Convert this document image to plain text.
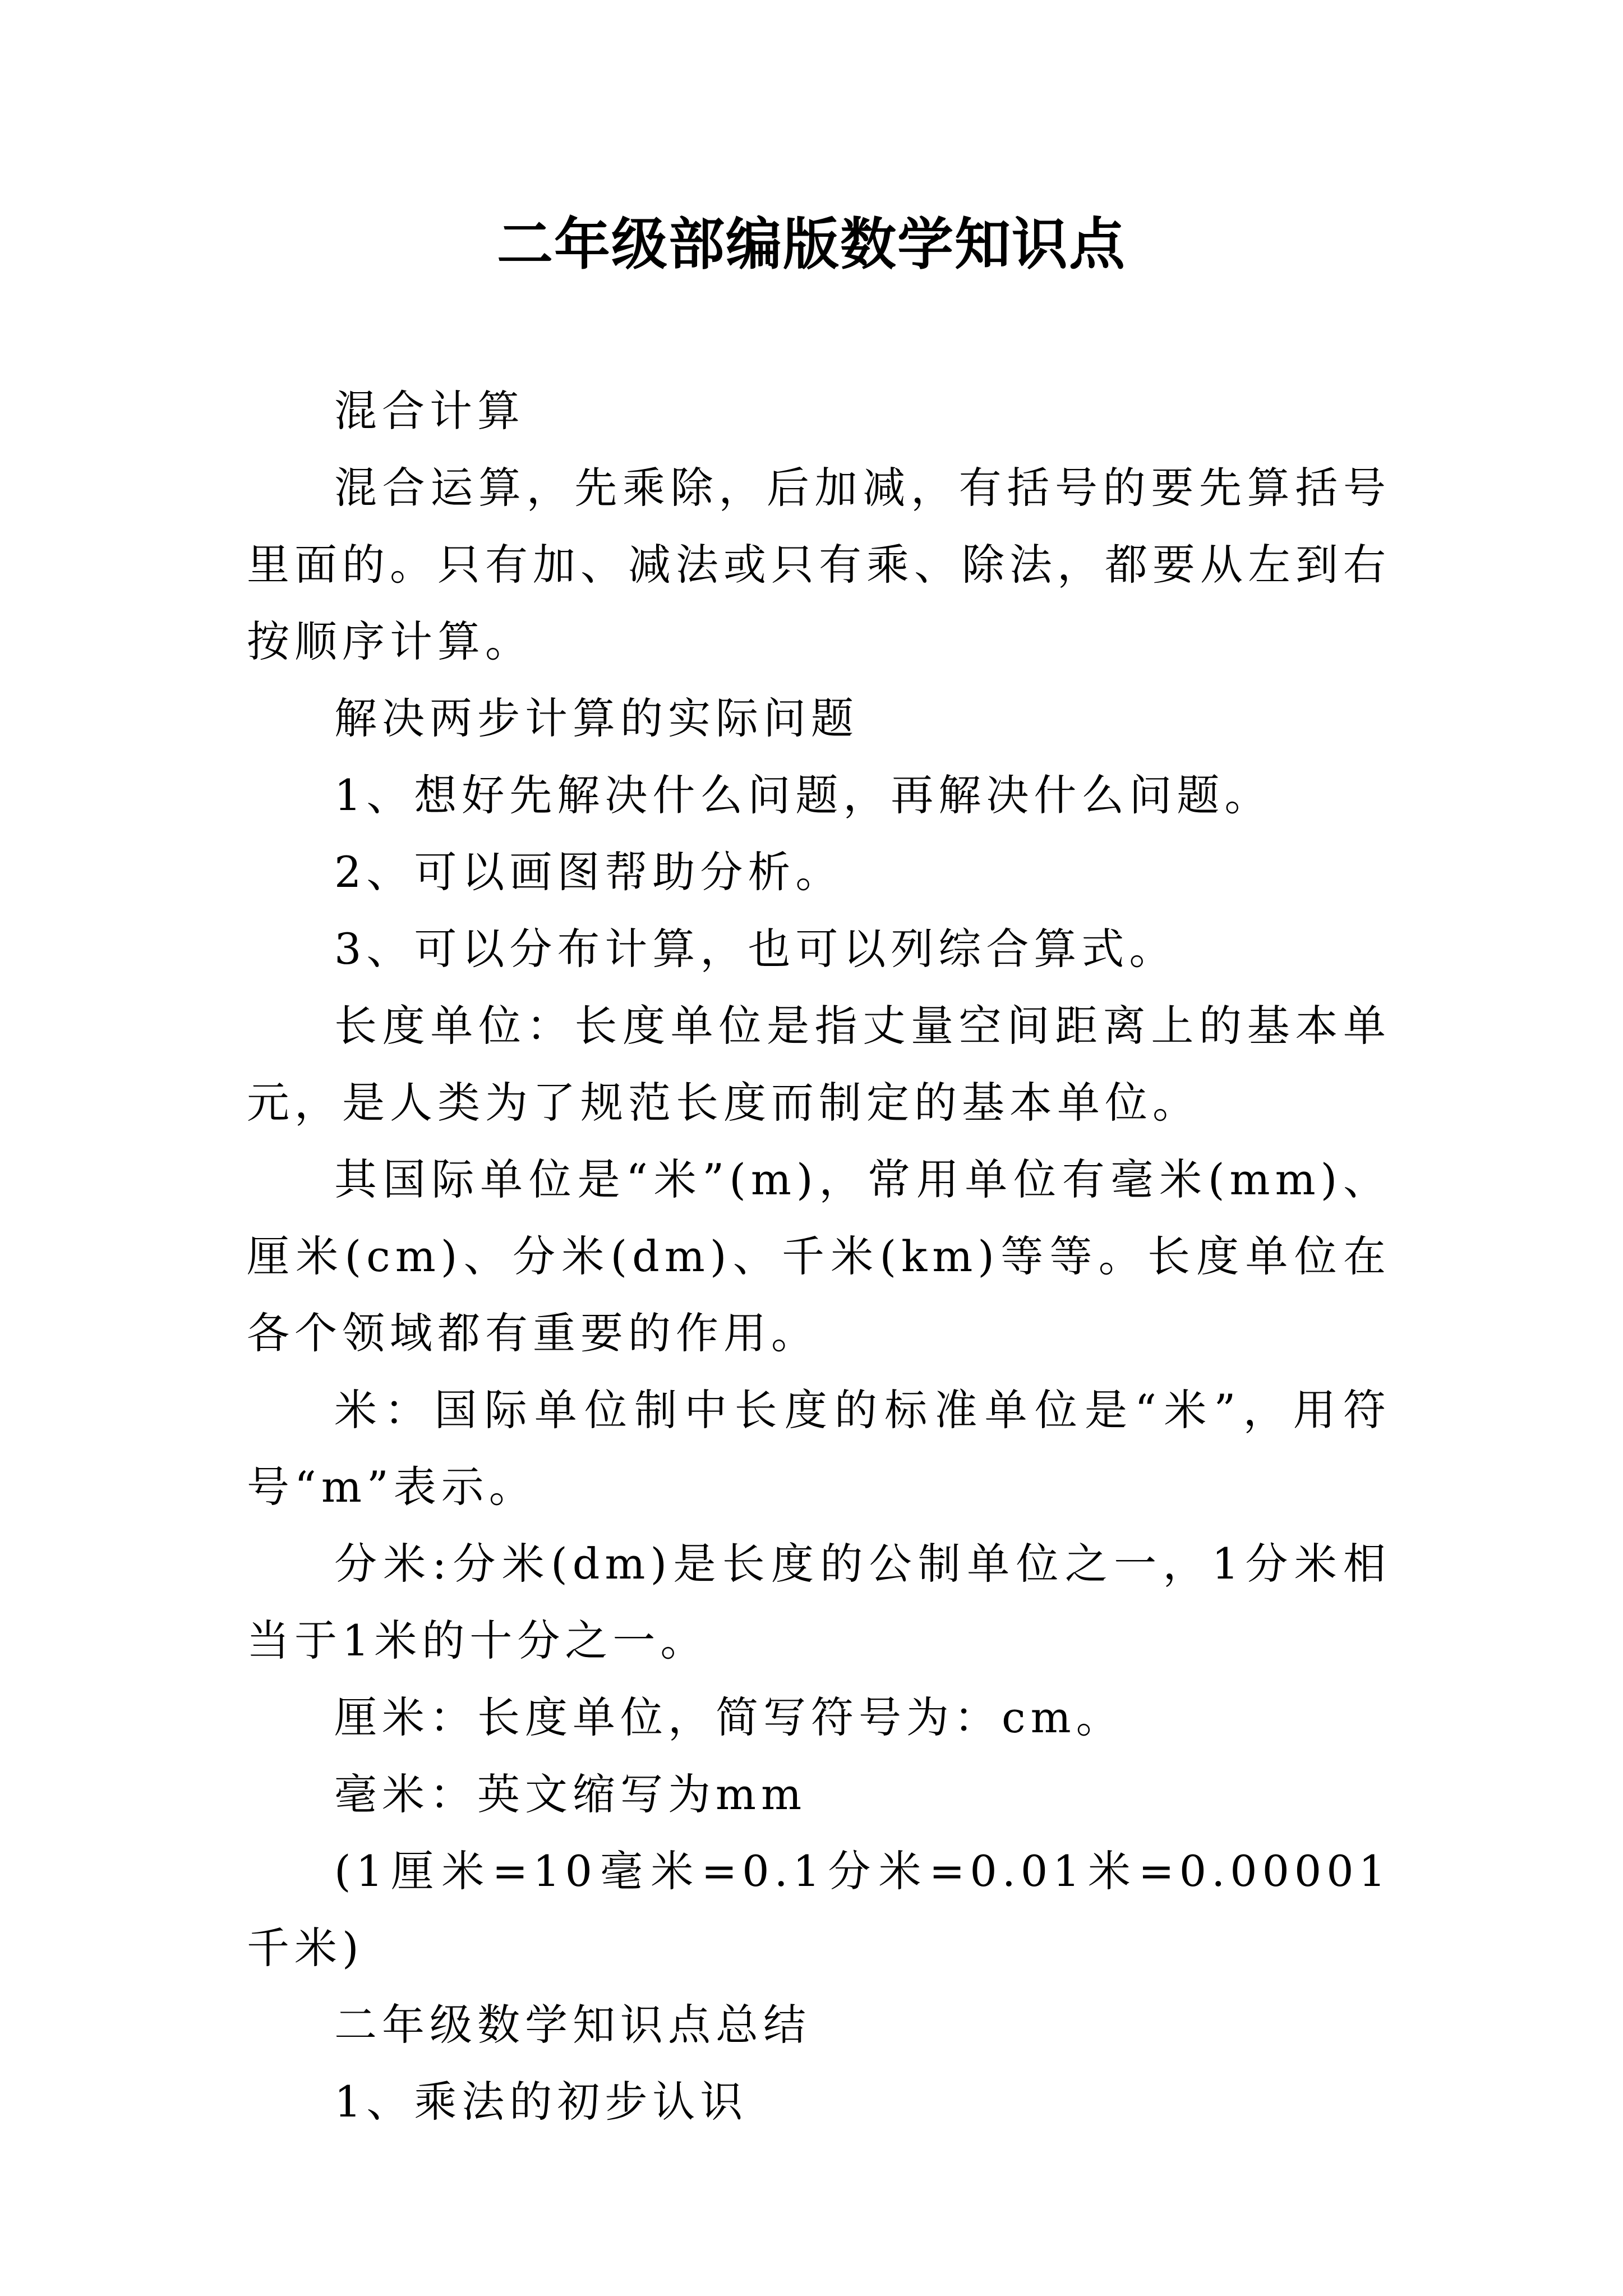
二年级部编版数学知识点

混合计算

混合运算，先乘除，后加减，有括号的要先算括号里面的。只有加、减法或只有乘、除法，都要从左到右按顺序计算。

解决两步计算的实际问题

1、想好先解决什么问题，再解决什么问题。

2、可以画图帮助分析。

3、可以分布计算，也可以列综合算式。

长度单位：长度单位是指丈量空间距离上的基本单元，是人类为了规范长度而制定的基本单位。

其国际单位是“米”(m)，常用单位有毫米(mm)、厘米(cm)、分米(dm)、千米(km)等等。长度单位在各个领域都有重要的作用。

米：国际单位制中长度的标准单位是“米”，用符号“m”表示。

分米:分米(dm)是长度的公制单位之一，1分米相当于1米的十分之一。

厘米：长度单位，简写符号为：cm。

毫米：英文缩写为mm

(1厘米=10毫米=0.1分米=0.01米=0.00001千米)

二年级数学知识点总结

1、乘法的初步认识
